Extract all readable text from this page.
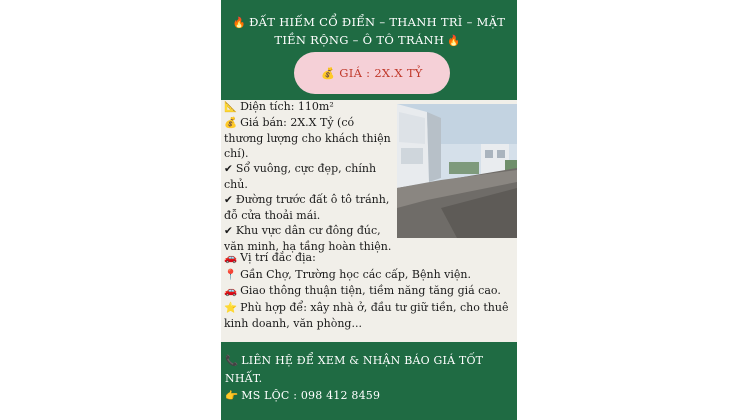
🔥 ĐẤT HIẾM CỔ ĐIỂN – THANH TRÌ – MẶT TIỀN RỘNG – Ô TÔ TRÁNH 🔥
💰 GIÁ : 2X.X TỶ
📐 Diện tích: 110m²
💰 Giá bán: 2X.X Tỷ (có thương lượng cho khách thiện chí).
✔ Sổ vuông, cực đẹp, chính chủ.
✔ Đường trước đất ô tô tránh, đỗ cửa thoải mái.
✔ Khu vực dân cư đông đúc, văn minh, hạ tầng hoàn thiện.
🚗 Vị trí đắc địa:
📍 Gần Chợ, Trường học các cấp, Bệnh viện.
🚗 Giao thông thuận tiện, tiềm năng tăng giá cao.
⭐ Phù hợp để: xây nhà ở, đầu tư giữ tiền, cho thuê kinh doanh, văn phòng...
📞 LIÊN HỆ ĐỂ XEM & NHẬN BÁO GIÁ TỐT NHẤT.
👉 MS LỘC : 098 412 8459
